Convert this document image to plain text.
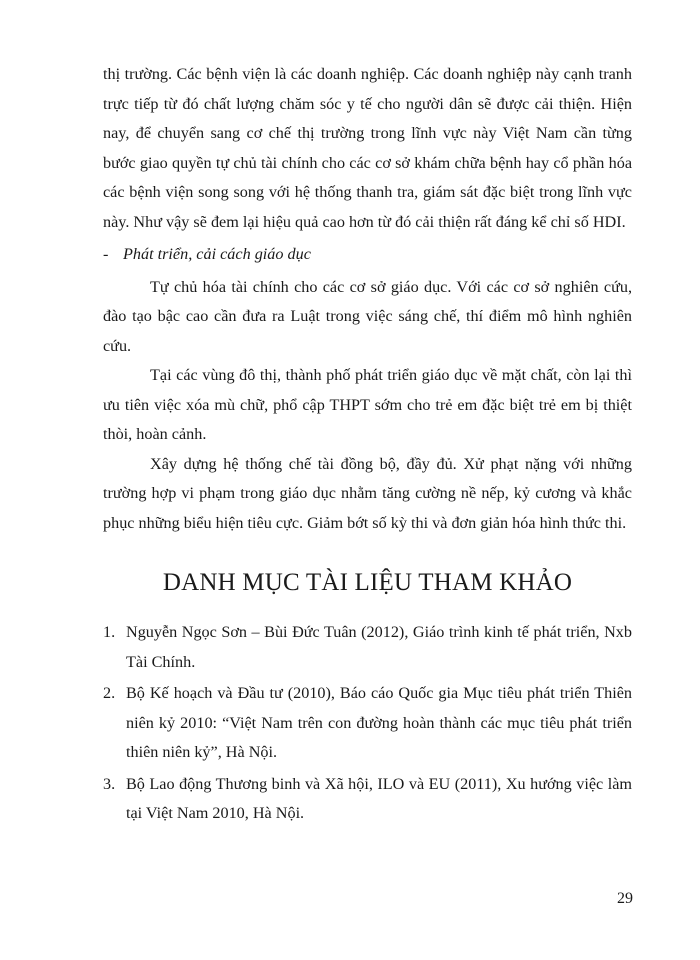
thị trường. Các bệnh viện là các doanh nghiệp. Các doanh nghiệp này cạnh tranh trực tiếp từ đó chất lượng chăm sóc y tế cho người dân sẽ được cải thiện. Hiện nay, để chuyển sang cơ chế thị trường trong lĩnh vực này Việt Nam cần từng bước giao quyền tự chủ tài chính cho các cơ sở khám chữa bệnh hay cổ phần hóa các bệnh viện song song với hệ thống thanh tra, giám sát đặc biệt trong lĩnh vực này. Như vậy sẽ đem lại hiệu quả cao hơn từ đó cải thiện rất đáng kể chỉ số HDI.

- Phát triển, cải cách giáo dục

Tự chủ hóa tài chính cho các cơ sở giáo dục. Với các cơ sở nghiên cứu, đào tạo bậc cao cần đưa ra Luật trong việc sáng chế, thí điểm mô hình nghiên cứu.

Tại các vùng đô thị, thành phố phát triển giáo dục về mặt chất, còn lại thì ưu tiên việc xóa mù chữ, phổ cập THPT sớm cho trẻ em đặc biệt trẻ em bị thiệt thòi, hoàn cảnh.

Xây dựng hệ thống chế tài đồng bộ, đầy đủ. Xử phạt nặng với những trường hợp vi phạm trong giáo dục nhằm tăng cường nề nếp, kỷ cương và khắc phục những biểu hiện tiêu cực. Giảm bớt số kỳ thi và đơn giản hóa hình thức thi.

DANH MỤC TÀI LIỆU THAM KHẢO
1. Nguyễn Ngọc Sơn – Bùi Đức Tuân (2012), Giáo trình kinh tế phát triển, Nxb Tài Chính.
2. Bộ Kế hoạch và Đầu tư (2010), Báo cáo Quốc gia Mục tiêu phát triển Thiên niên kỷ 2010: “Việt Nam trên con đường hoàn thành các mục tiêu phát triển thiên niên kỷ”, Hà Nội.
3. Bộ Lao động Thương binh và Xã hội, ILO và EU (2011), Xu hướng việc làm tại Việt Nam 2010, Hà Nội.
29
